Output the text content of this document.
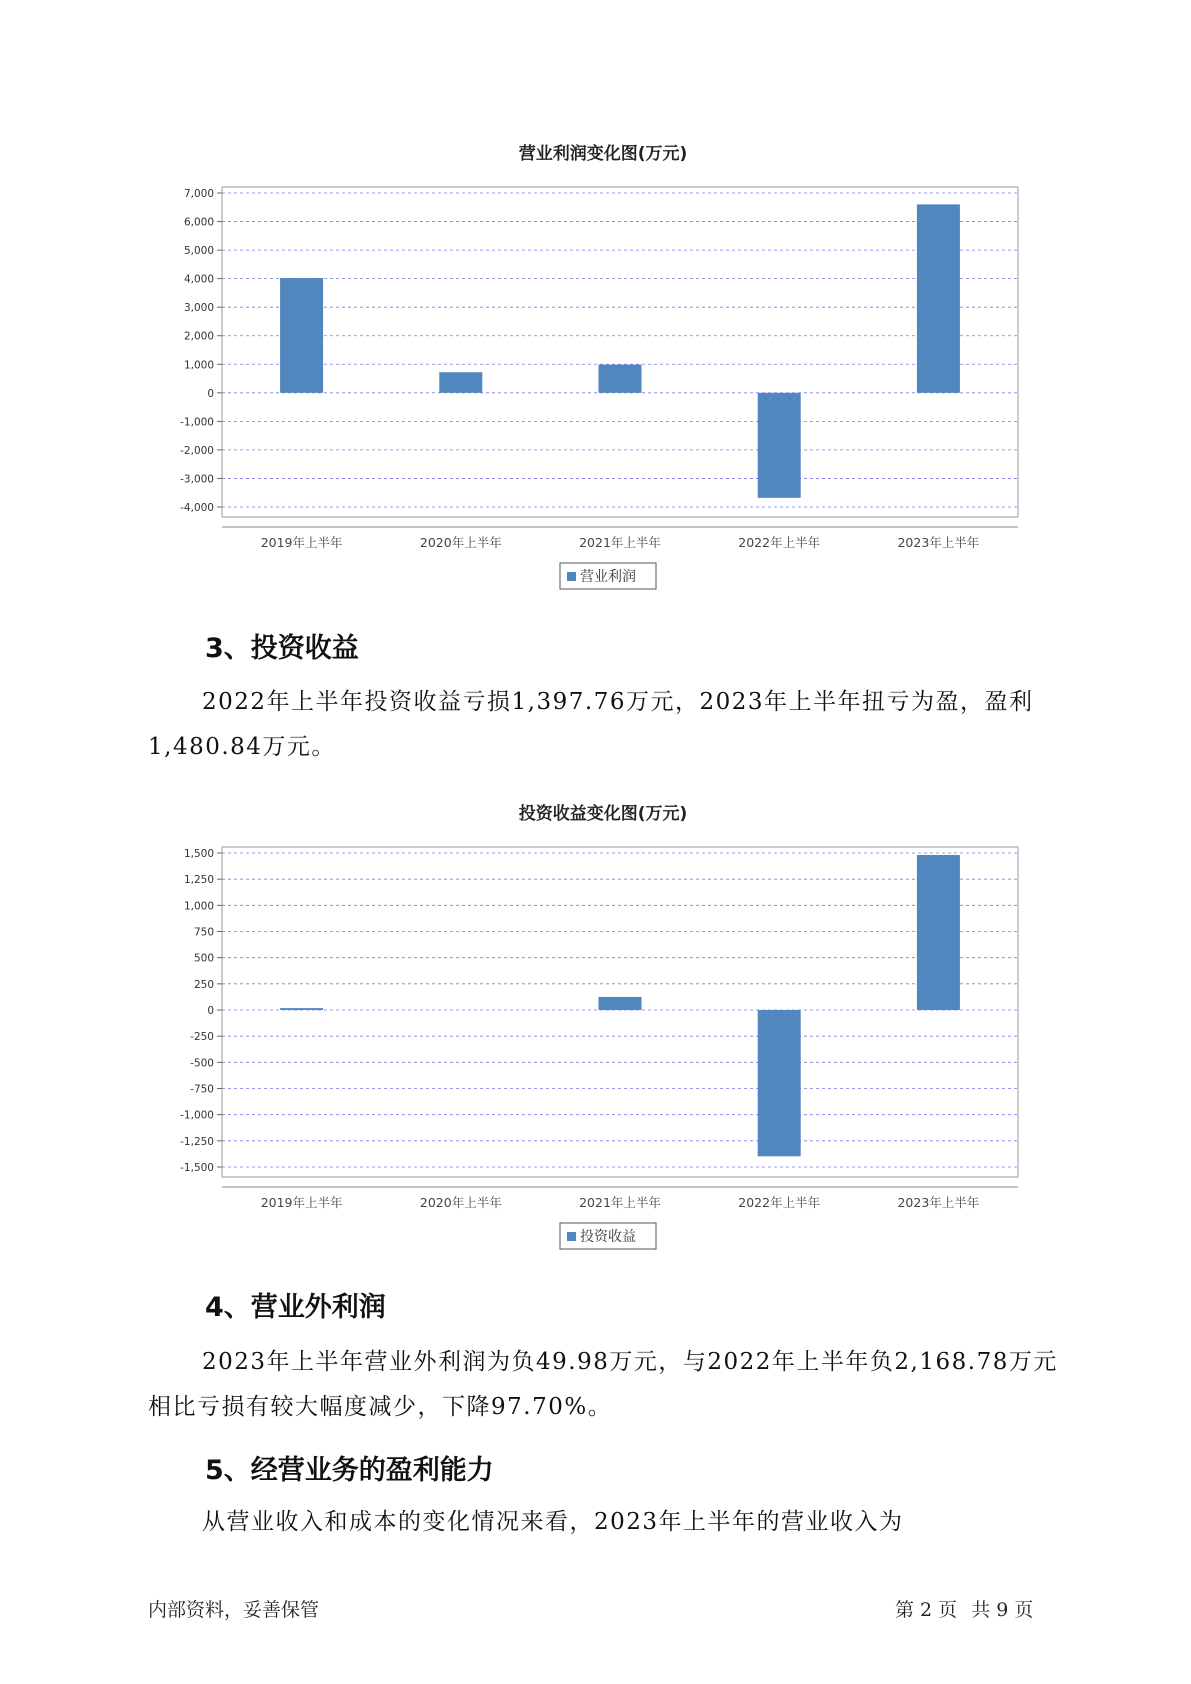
营业利润变化图(万元)
7,000
6,000
5,000
4,000
3,000
2,000
1,000
0
-1,000
-2,000
-3,000
-4,000
2019年上半年	2020年上半年	2021年上半年	2022年上半年	2023年上半年
营业利润
3、投资收益

2022年上半年投资收益亏损1,397.76万元，2023年上半年扭亏为盈，盈利1,480.84万元。

投资收益变化图(万元)
1,500
1,250
1,000
750
500
250
0
-250
-500
-750
-1,000
-1,250
-1,500
2019年上半年	2020年上半年	2021年上半年	2022年上半年	2023年上半年
投资收益
4、营业外利润

2023年上半年营业外利润为负49.98万元，与2022年上半年负2,168.78万元相比亏损有较大幅度减少，下降97.70%。

5、经营业务的盈利能力

从营业收入和成本的变化情况来看，2023年上半年的营业收入为

内部资料，妥善保管	第 2 页 共 9 页
